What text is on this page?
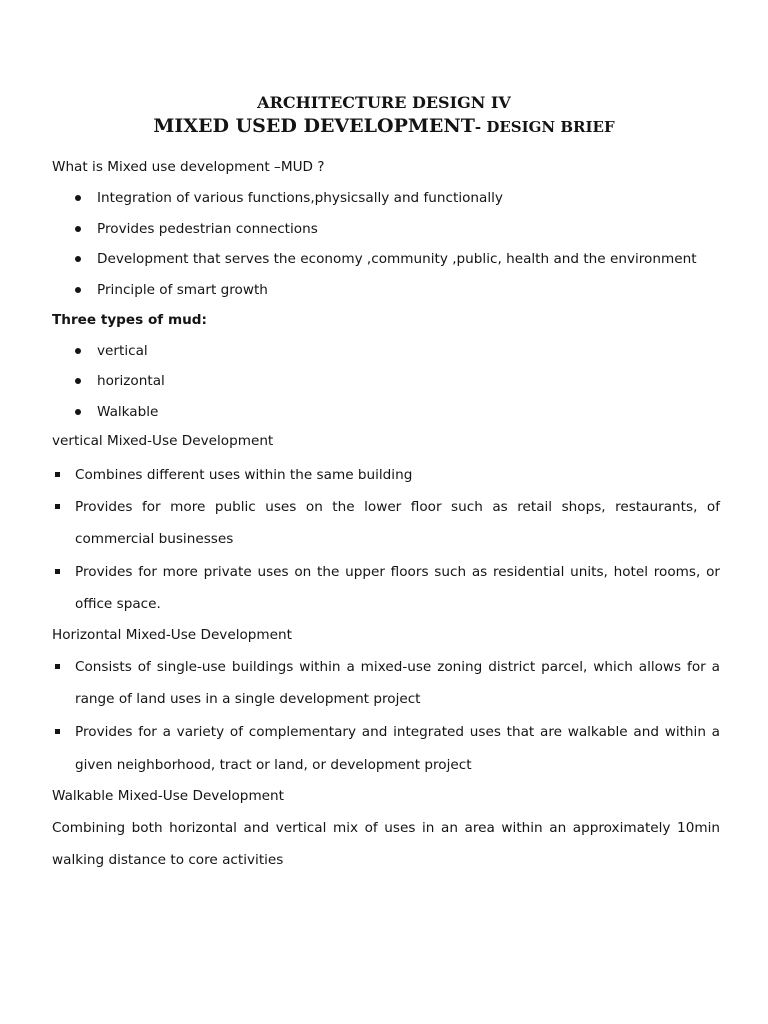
ARCHITECTURE DESIGN IV
MIXED USED DEVELOPMENT- DESIGN BRIEF
What is Mixed use development –MUD ?
Integration of various functions,physicsally and functionally
Provides pedestrian connections
Development that serves the economy ,community ,public, health and the environment
Principle of smart growth
Three types of mud:
vertical
horizontal
Walkable
vertical Mixed-Use Development
Combines different uses within the same building
Provides for more public uses on the lower floor such as retail shops, restaurants, of
commercial businesses
Provides for more private uses on the upper floors such as residential units, hotel rooms, or
office space.
Horizontal Mixed-Use Development
Consists of single-use buildings within a mixed-use zoning district parcel, which allows for a
range of land uses in a single development project
Provides for a variety of complementary and integrated uses that are walkable and within a
given neighborhood, tract or land, or development project
Walkable Mixed-Use Development
Combining both horizontal and vertical mix of uses in an area within an approximately 10min
walking distance to core activities
